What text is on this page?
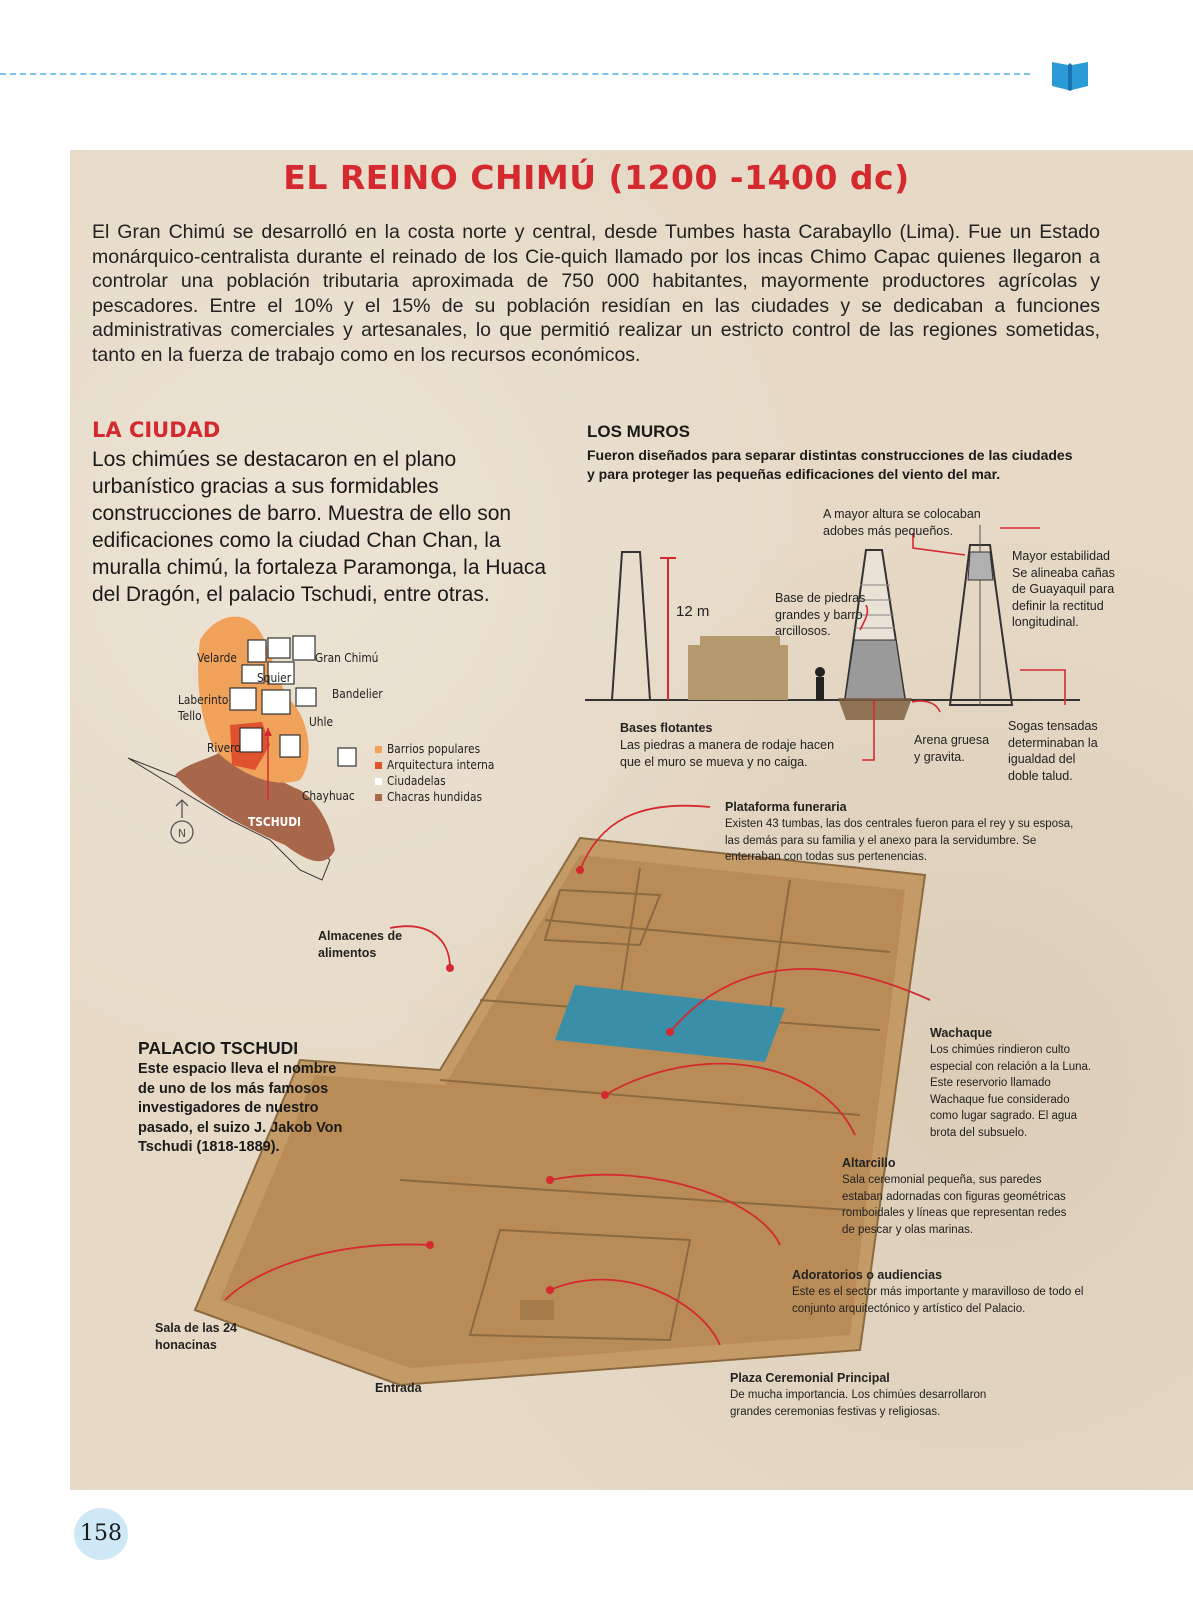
EL REINO CHIMÚ (1200 -1400 dc)
El Gran Chimú se desarrolló en la costa norte y central, desde Tumbes hasta Carabayllo (Lima). Fue un Estado monárquico-centralista durante el reinado de los Cie-quich llamado por los incas Chimo Capac quienes llegaron a controlar una población tributaria aproximada de 750 000 habitantes, mayormente productores agrícolas y pescadores. Entre el 10% y el 15% de su población residían en las ciudades y se dedicaban a funciones administrativas comerciales y artesanales, lo que permitió realizar un estricto control de las regiones sometidas, tanto en la fuerza de trabajo como en los recursos económicos.
LA CIUDAD
Los chimúes se destacaron en el plano urbanístico gracias a sus formidables construcciones de barro. Muestra de ello son edificaciones como la ciudad Chan Chan, la muralla chimú, la fortaleza Paramonga, la Huaca del Dragón, el palacio Tschudi, entre otras.
LOS MUROS
Fueron diseñados para separar distintas construcciones de las ciudades y para proteger las pequeñas edificaciones del viento del mar.
N
Velarde	Gran Chimú
Squier
Bandelier
Laberinto
Tello	Uhle
Rivero
Chayhuac
TSCHUDI
Barrios populares
Arquitectura interna
Ciudadelas
Chacras hundidas
12 m
A mayor altura se colocaban adobes más pequeños.
Mayor estabilidad Se alineaba cañas de Guayaquil para definir la rectitud longitudinal.
Base de piedras grandes y barro arcillosos.
Bases flotantes
Las piedras a manera de rodaje hacen que el muro se mueva y no caiga.
Arena gruesa y gravita.
Sogas tensadas determinaban la igualdad del doble talud.
Plataforma funeraria
Existen 43 tumbas, las dos centrales fueron para el rey y su esposa, las demás para su familia y el anexo para la servidumbre. Se enterraban con todas sus pertenencias.
Almacenes de alimentos
Wachaque
Los chimúes rindieron culto especial con relación a la Luna. Este reservorio llamado Wachaque fue considerado como lugar sagrado. El agua brota del subsuelo.
Altarcillo
Sala ceremonial pequeña, sus paredes estaban adornadas con figuras geométricas romboidales y líneas que representan redes de pescar y olas marinas.
Adoratorios o audiencias
Este es el sector más importante y maravilloso de todo el conjunto arquitectónico y artístico del Palacio.
Plaza Ceremonial Principal
De mucha importancia. Los chimúes desarrollaron grandes ceremonias festivas y religiosas.
Sala de las 24 honacinas
Entrada
PALACIO TSCHUDI
Este espacio lleva el nombre de uno de los más famosos investigadores de nuestro pasado, el suizo J. Jakob Von Tschudi (1818-1889).
158
